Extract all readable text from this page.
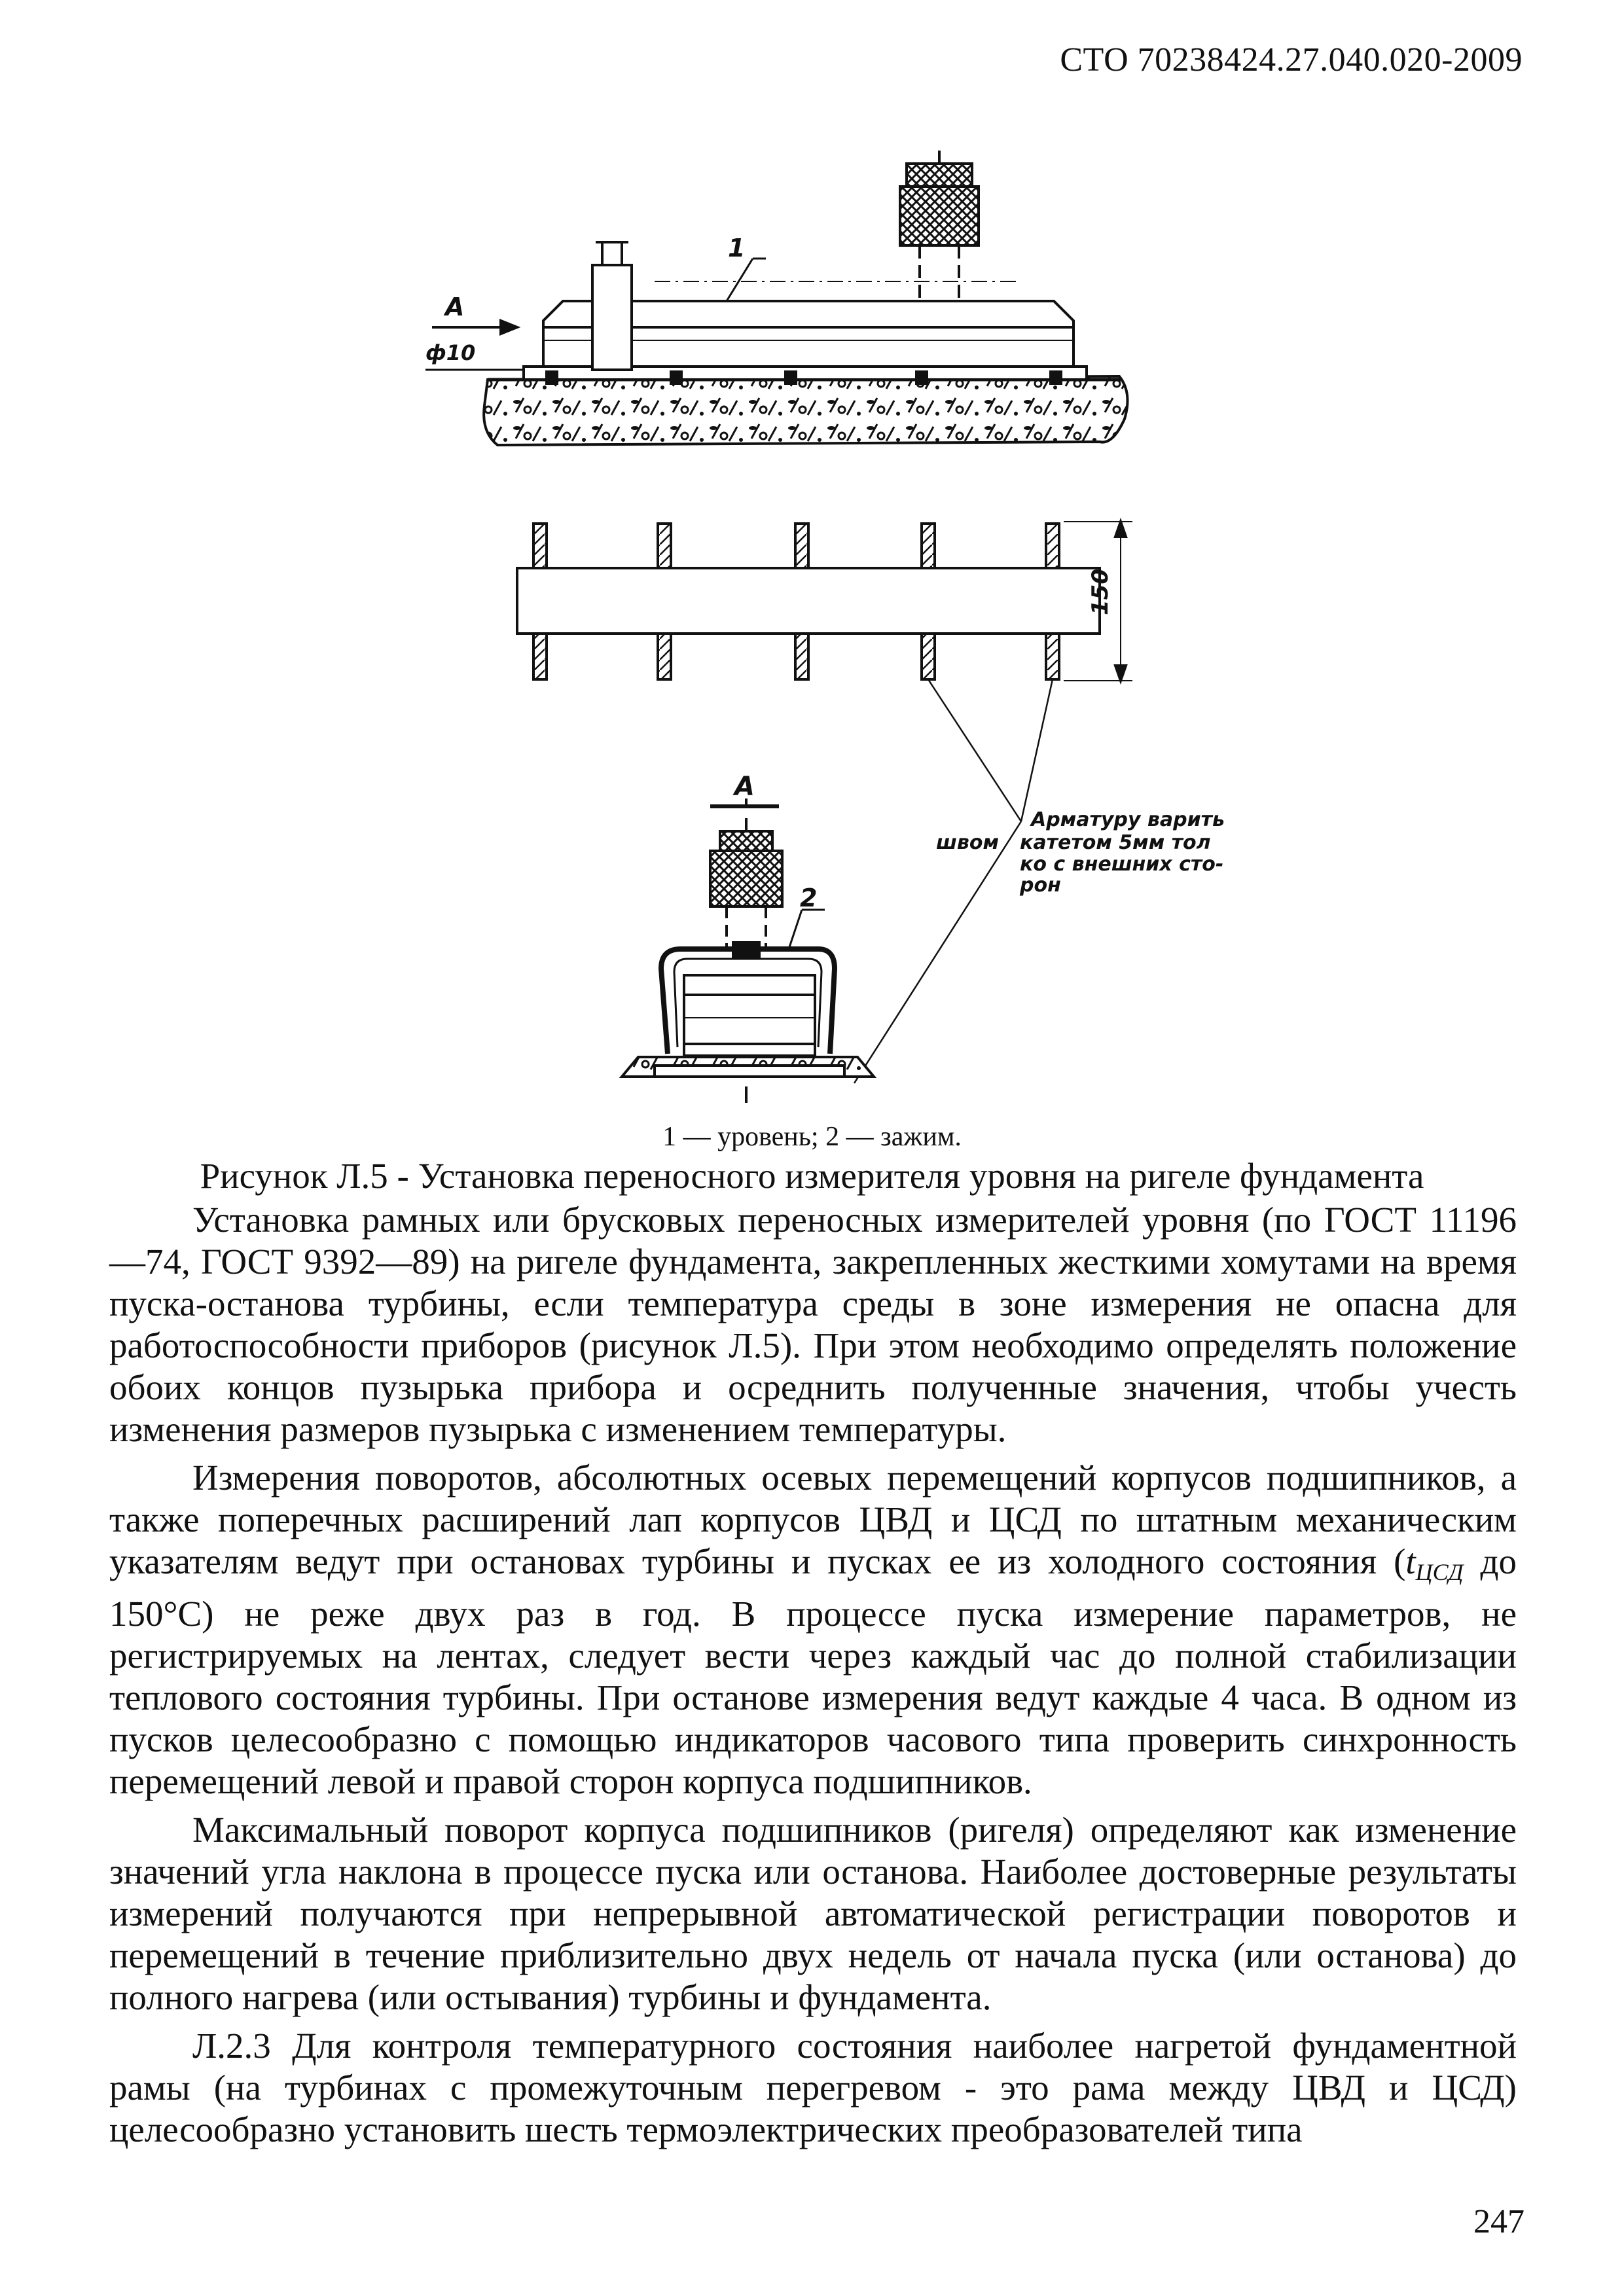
СТО 70238424.27.040.020-2009
А
ф10
1
150
А
2
швом
Арматуру варить
катетом 5мм тол
ко с внешних сто-
рон
1 — уровень; 2 — зажим.
Рисунок Л.5 - Установка переносного измерителя уровня на ригеле фундамента

Установка рамных или брусковых переносных измерителей уровня (по ГОСТ 11196—74, ГОСТ 9392—89) на ригеле фундамента, закрепленных жесткими хомутами на время пуска-останова турбины, если температура среды в зоне измерения не опасна для работоспособности приборов (рисунок Л.5). При этом необходимо определять положение обоих концов пузырька прибора и осреднить полученные значения, чтобы учесть изменения размеров пузырька с изменением температуры.

Измерения поворотов, абсолютных осевых перемещений корпусов подшипников, а также поперечных расширений лап корпусов ЦВД и ЦСД по штатным механическим указателям ведут при остановах турбины и пусках ее из холодного состояния ($t_{ЦСД}$ до 150°С) не реже двух раз в год. В процессе пуска измерение параметров, не регистрируемых на лентах, следует вести через каждый час до полной стабилизации теплового состояния турбины. При останове измерения ведут каждые 4 часа. В одном из пусков целесообразно с помощью индикаторов часового типа проверить синхронность перемещений левой и правой сторон корпуса подшипников.

Максимальный поворот корпуса подшипников (ригеля) определяют как изменение значений угла наклона в процессе пуска или останова. Наиболее достоверные результаты измерений получаются при непрерывной автоматической регистрации поворотов и перемещений в течение приблизительно двух недель от начала пуска (или останова) до полного нагрева (или остывания) турбины и фундамента.

Л.2.3 Для контроля температурного состояния наиболее нагретой фундаментной рамы (на турбинах с промежуточным перегревом - это рама между ЦВД и ЦСД) целесообразно установить шесть термоэлектрических преобразователей типа

247
